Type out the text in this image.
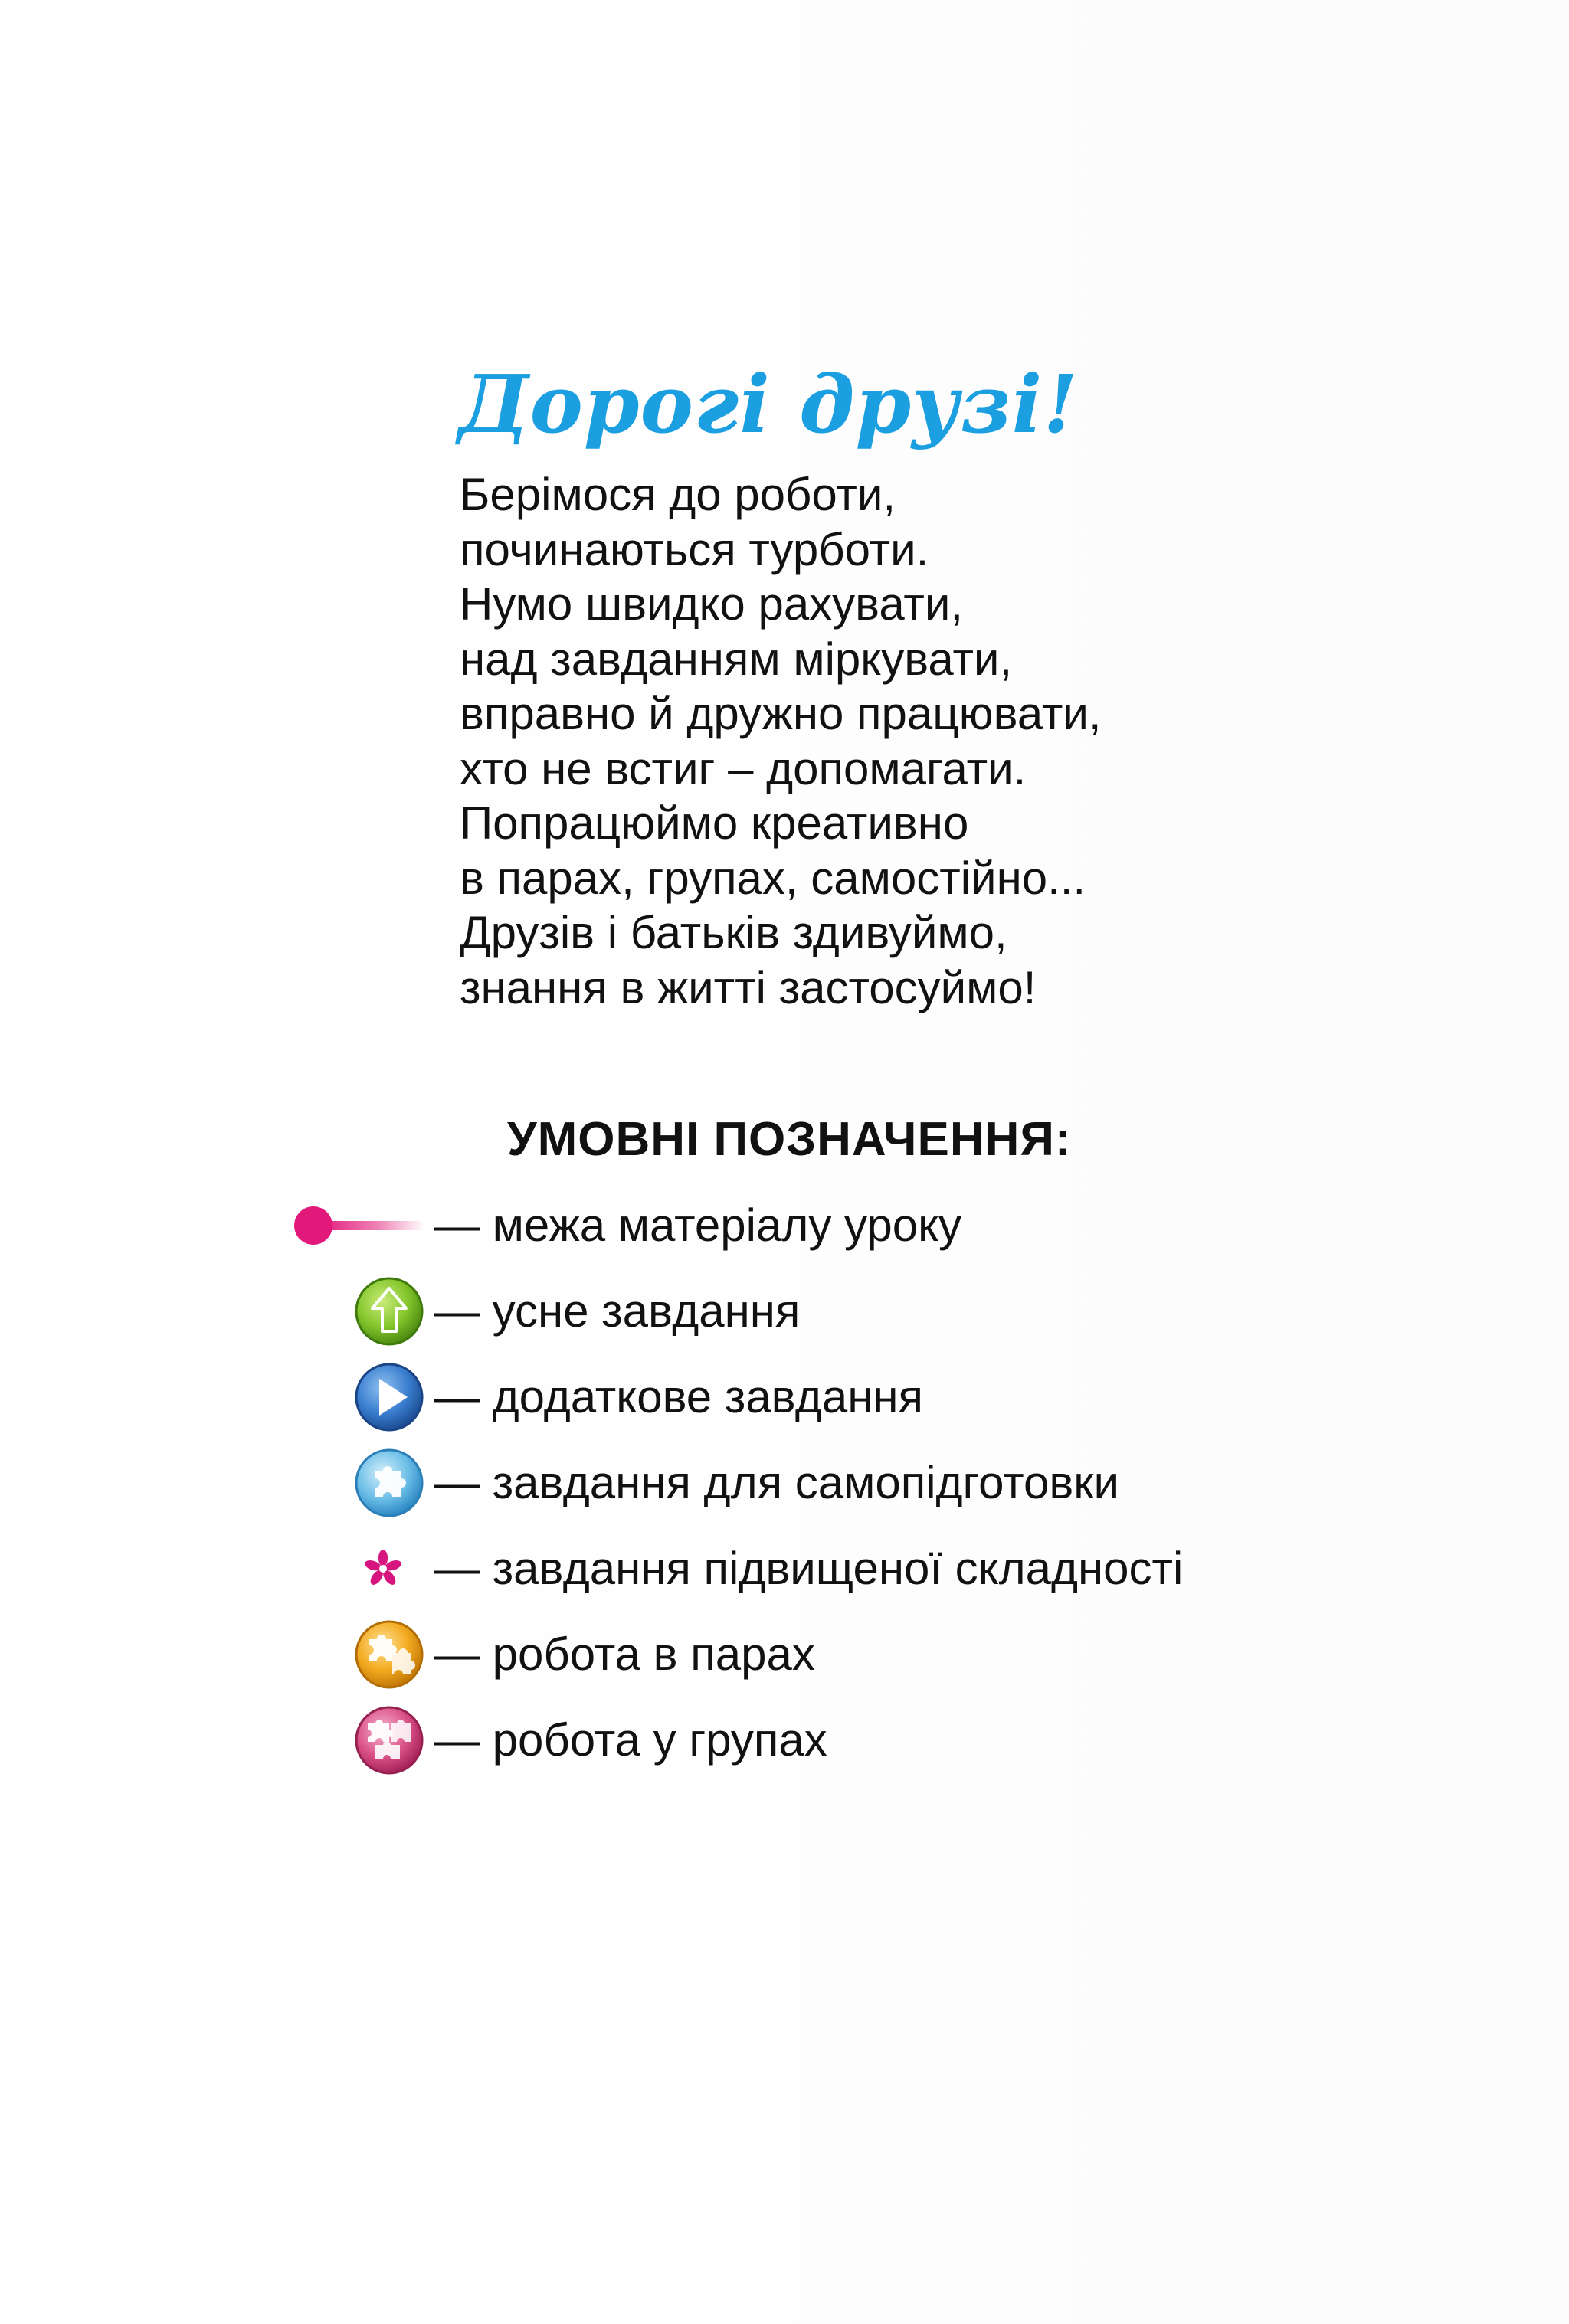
Дорогі друзі!
Берімося до роботи,
починаються турботи.
Нумо швидко рахувати,
над завданням міркувати,
вправно й дружно працювати,
хто не встиг – допомагати.
Попрацюймо креативно
в парах, групах, самостійно...
Друзів і батьків здивуймо,
знання в житті застосуймо!
УМОВНІ ПОЗНАЧЕННЯ:
— межа матеріалу уроку
— усне завдання
— додаткове завдання
— завдання для самопідготовки
— завдання підвищеної складності
— робота в парах
— робота у групах
